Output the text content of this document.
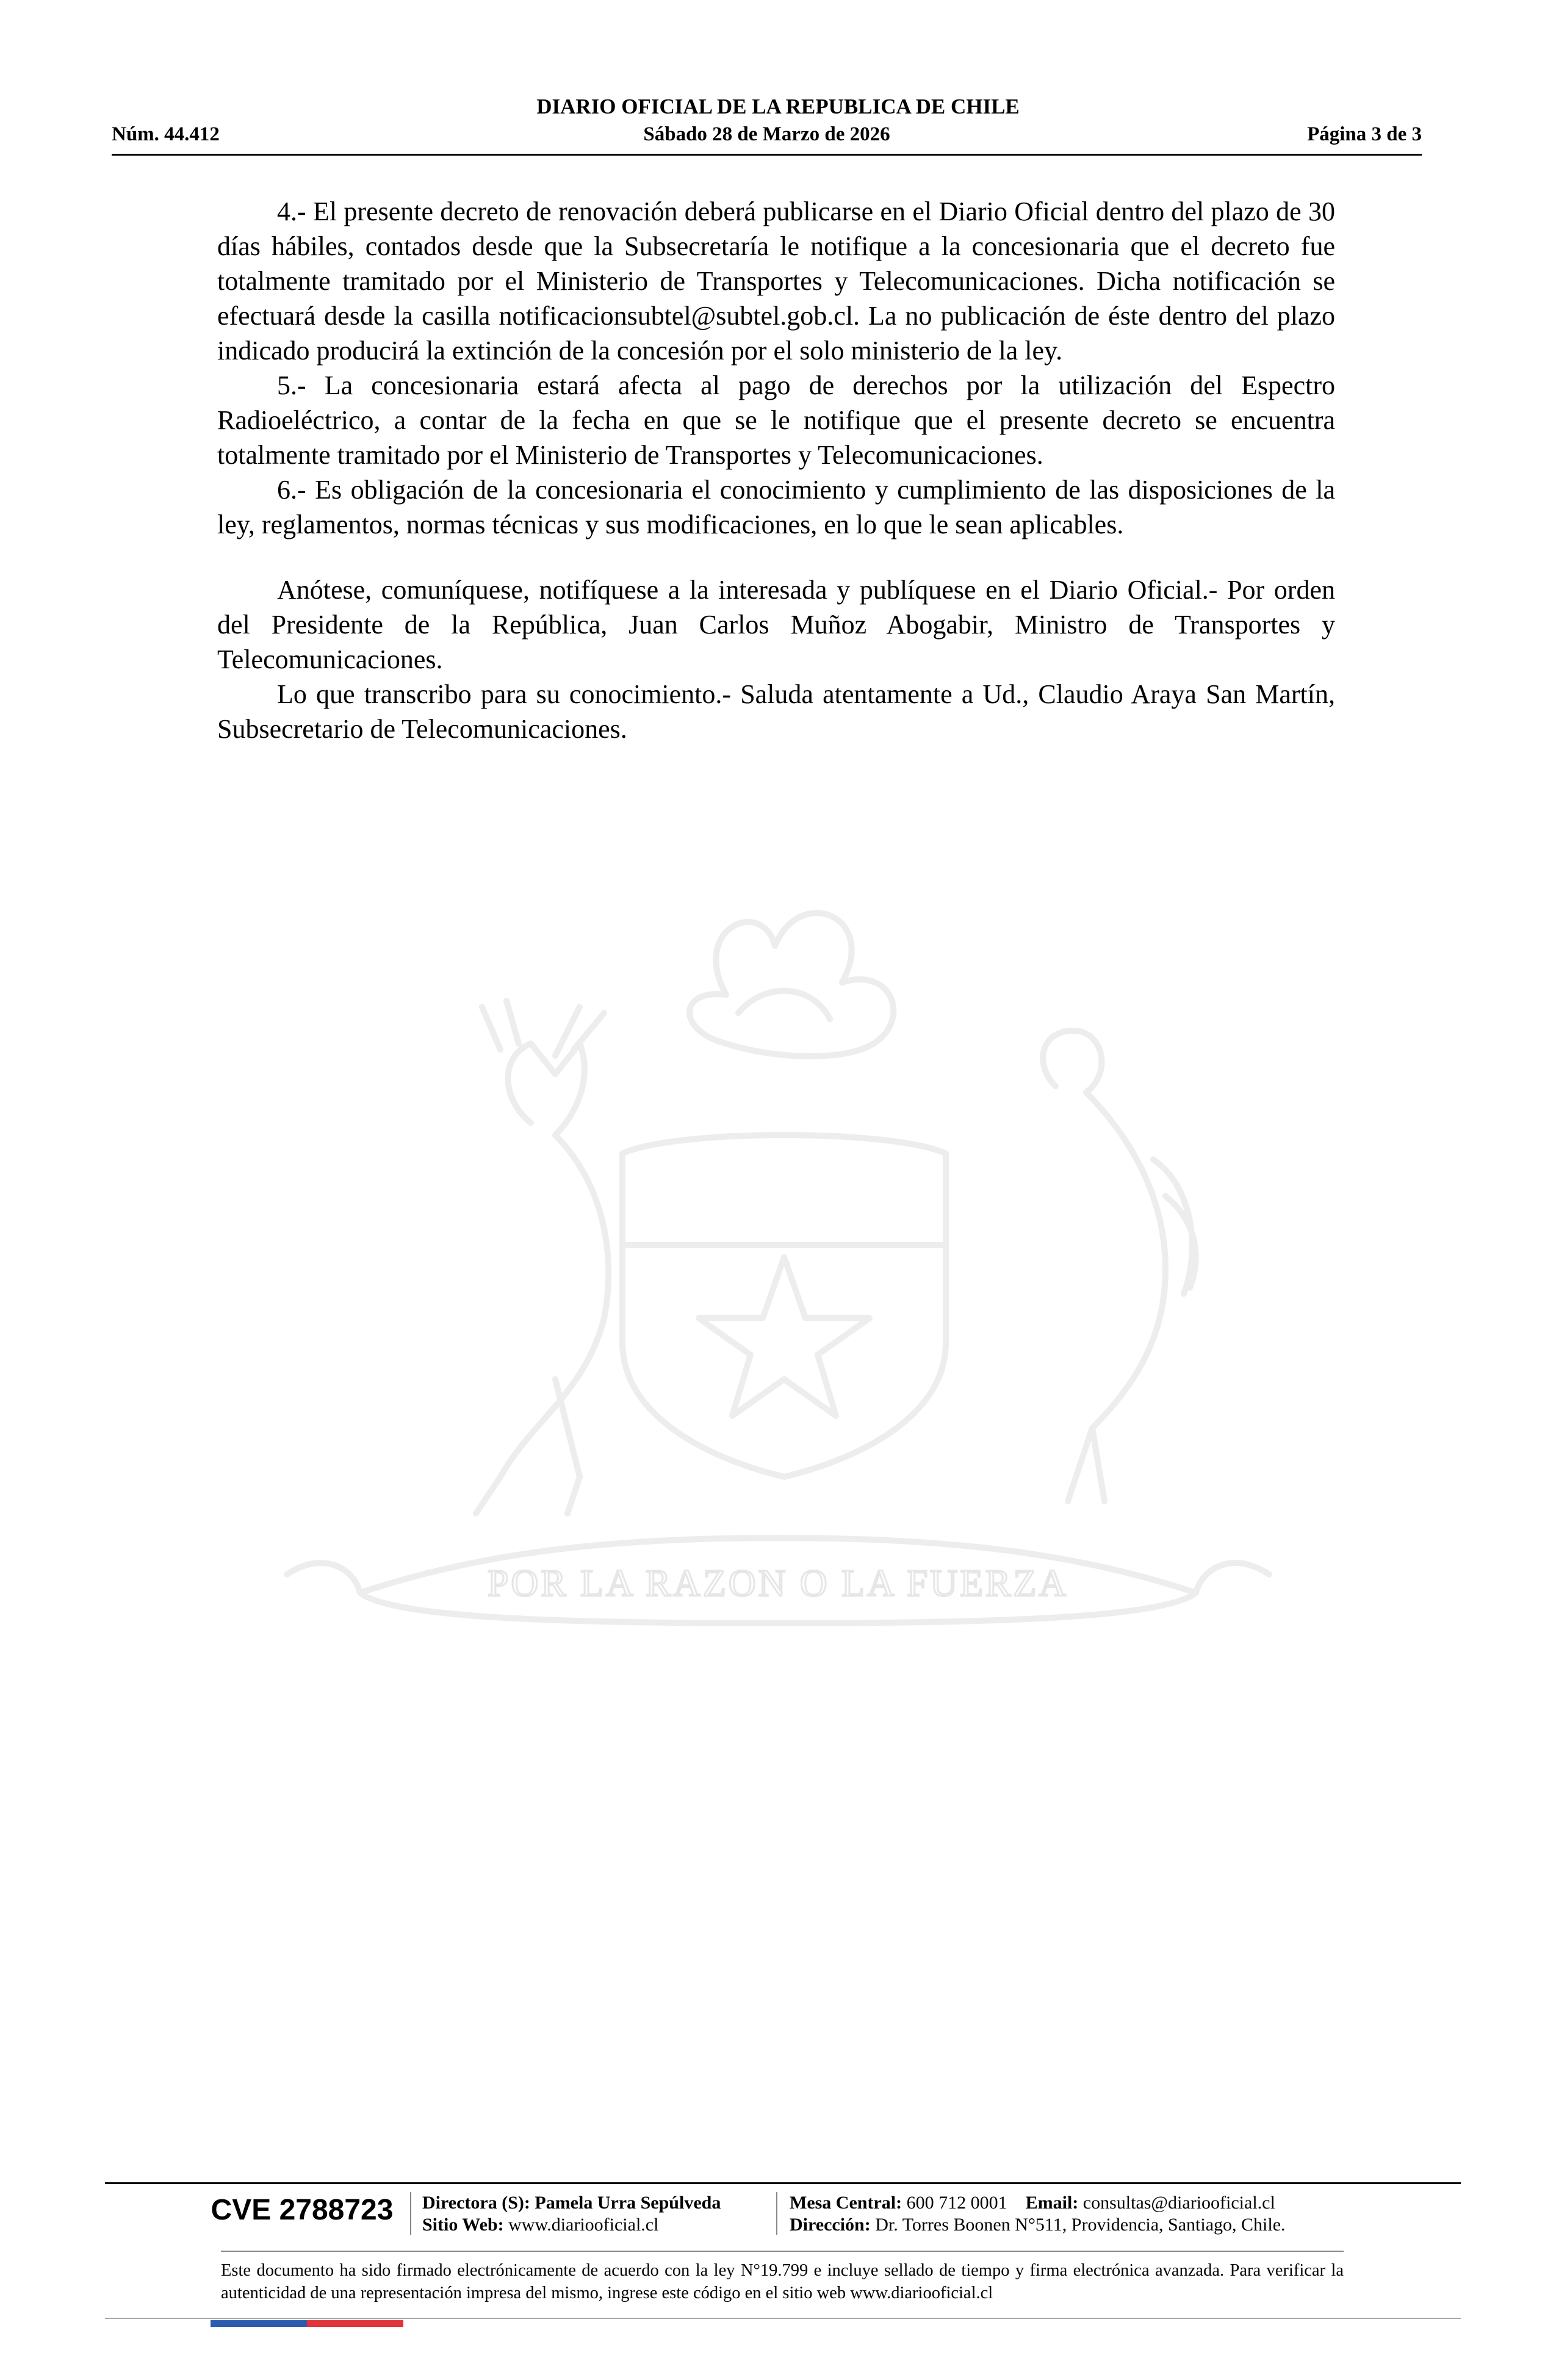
DIARIO OFICIAL DE LA REPUBLICA DE CHILE
Núm. 44.412	Sábado 28 de Marzo de 2026	Página 3 de 3

4.- El presente decreto de renovación deberá publicarse en el Diario Oficial dentro del plazo de 30 días hábiles, contados desde que la Subsecretaría le notifique a la concesionaria que el decreto fue totalmente tramitado por el Ministerio de Transportes y Telecomunicaciones. Dicha notificación se efectuará desde la casilla notificacionsubtel@subtel.gob.cl. La no publicación de éste dentro del plazo indicado producirá la extinción de la concesión por el solo ministerio de la ley.

5.- La concesionaria estará afecta al pago de derechos por la utilización del Espectro Radioeléctrico, a contar de la fecha en que se le notifique que el presente decreto se encuentra totalmente tramitado por el Ministerio de Transportes y Telecomunicaciones.

6.- Es obligación de la concesionaria el conocimiento y cumplimiento de las disposiciones de la ley, reglamentos, normas técnicas y sus modificaciones, en lo que le sean aplicables.

Anótese, comuníquese, notifíquese a la interesada y publíquese en el Diario Oficial.- Por orden del Presidente de la República, Juan Carlos Muñoz Abogabir, Ministro de Transportes y Telecomunicaciones.

Lo que transcribo para su conocimiento.- Saluda atentamente a Ud., Claudio Araya San Martín, Subsecretario de Telecomunicaciones.

POR LA RAZON O LA FUERZA
CVE 2788723	Directora (S): Pamela Urra Sepúlveda
Sitio Web: www.diariooficial.cl
Mesa Central: 600 712 0001 Email: consultas@diariooficial.cl
Dirección: Dr. Torres Boonen N°511, Providencia, Santiago, Chile.
Este documento ha sido firmado electrónicamente de acuerdo con la ley N°19.799 e incluye sellado de tiempo y firma electrónica avanzada. Para verificar la autenticidad de una representación impresa del mismo, ingrese este código en el sitio web www.diariooficial.cl
